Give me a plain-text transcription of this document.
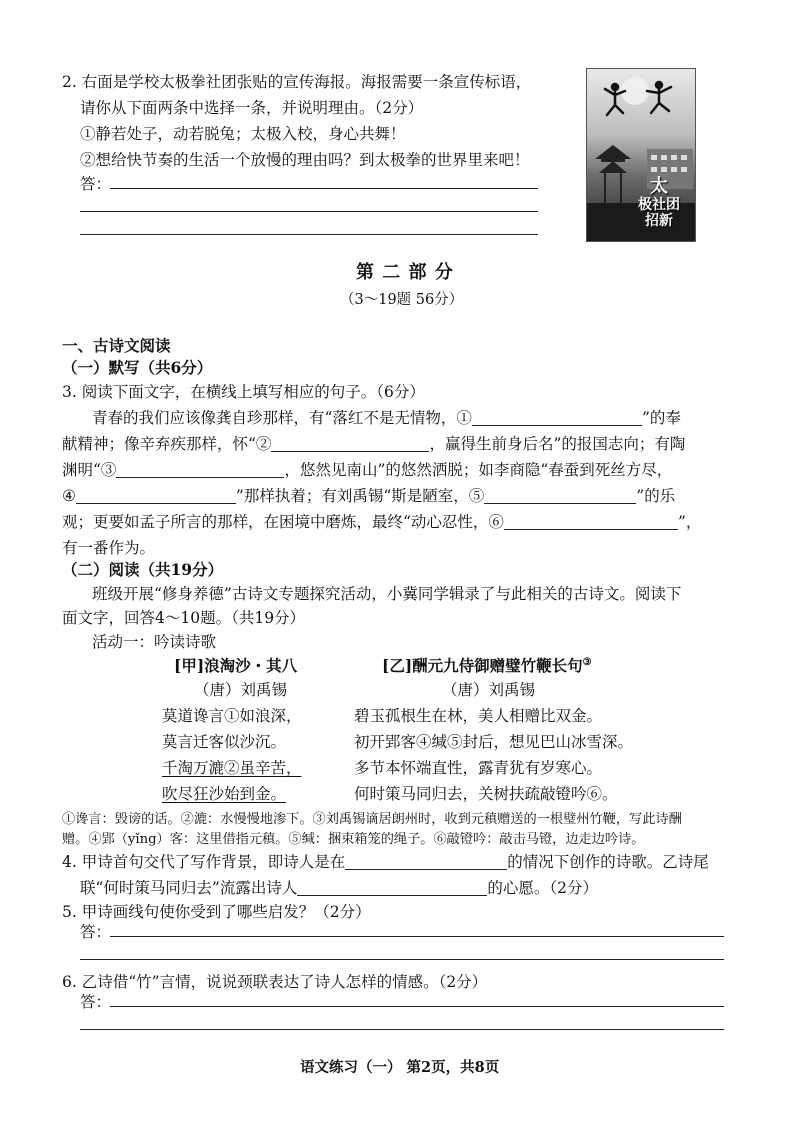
2. 右面是学校太极拳社团张贴的宣传海报。海报需要一条宣传标语，
请你从下面两条中选择一条，并说明理由。（2分）
①静若处子，动若脱兔；太极入校，身心共舞！
②想给快节奏的生活一个放慢的理由吗？到太极拳的世界里来吧！
答：	太
极社团
招新
第 二 部 分
（3～19题 56分）
一、古诗文阅读
（一）默写（共6分）
3. 阅读下面文字，在横线上填写相应的句子。（6分）
青春的我们应该像龚自珍那样，有“落红不是无情物，①	”的奉
献精神；像辛弃疾那样，怀“②	，赢得生前身后名”的报国志向；有陶
渊明“③	，悠然见南山”的悠然洒脱；如李商隐“春蚕到死丝方尽，
④	”那样执着；有刘禹锡“斯是陋室，⑤	”的乐
观；更要如孟子所言的那样，在困境中磨炼，最终“动心忍性，⑥	”，
有一番作为。
（二）阅读（共19分）
班级开展“修身养德”古诗文专题探究活动，小冀同学辑录了与此相关的古诗文。阅读下
面文字，回答4～10题。（共19分）
活动一：吟读诗歌
[甲]浪淘沙・其八
（唐）刘禹锡
莫道谗言①如浪深，
莫言迁客似沙沉。
千淘万漉②虽辛苦，
吹尽狂沙始到金。
[乙]酬元九侍御赠璧竹鞭长句③
（唐）刘禹锡
碧玉孤根生在林，美人相赠比双金。
初开郢客④缄⑤封后，想见巴山冰雪深。
多节本怀端直性，露青犹有岁寒心。
何时策马同归去，关树扶疏敲镫吟⑥。
①谗言：毁谤的话。②漉：水慢慢地渗下。③刘禹锡谪居朗州时，收到元稹赠送的一根璧州竹鞭，写此诗酬
赠。④郢（yǐng）客：这里借指元稹。⑤缄：捆束箱笼的绳子。⑥敲镫吟：敲击马镫，边走边吟诗。
4. 甲诗首句交代了写作背景，即诗人是在	的情况下创作的诗歌。乙诗尾
联“何时策马同归去”流露出诗人	的心愿。（2分）
5. 甲诗画线句使你受到了哪些启发？（2分）
答：
6. 乙诗借“竹”言情，说说颈联表达了诗人怎样的情感。（2分）
答：
语文练习（一） 第2页，共8页
